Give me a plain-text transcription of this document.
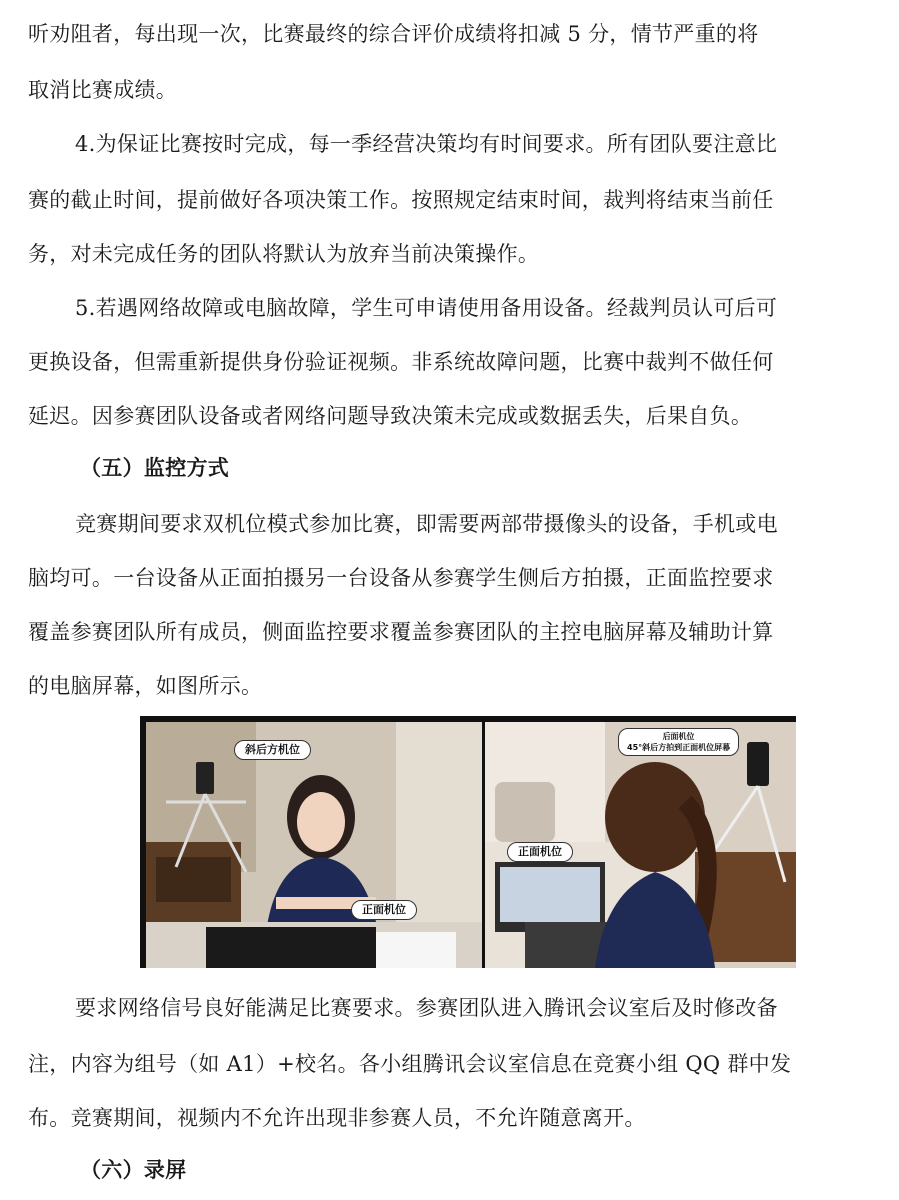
听劝阻者，每出现一次，比赛最终的综合评价成绩将扣减 5 分，情节严重的将
取消比赛成绩。
4.为保证比赛按时完成，每一季经营决策均有时间要求。所有团队要注意比
赛的截止时间，提前做好各项决策工作。按照规定结束时间，裁判将结束当前任
务，对未完成任务的团队将默认为放弃当前决策操作。
5.若遇网络故障或电脑故障，学生可申请使用备用设备。经裁判员认可后可
更换设备，但需重新提供身份验证视频。非系统故障问题，比赛中裁判不做任何
延迟。因参赛团队设备或者网络问题导致决策未完成或数据丢失，后果自负。
（五）监控方式
竞赛期间要求双机位模式参加比赛，即需要两部带摄像头的设备，手机或电
脑均可。一台设备从正面拍摄另一台设备从参赛学生侧后方拍摄，正面监控要求
覆盖参赛团队所有成员，侧面监控要求覆盖参赛团队的主控电脑屏幕及辅助计算
的电脑屏幕，如图所示。
斜后方机位
正面机位
后面机位
45°斜后方拍到正面机位屏幕
正面机位
要求网络信号良好能满足比赛要求。参赛团队进入腾讯会议室后及时修改备
注，内容为组号（如 A1）+校名。各小组腾讯会议室信息在竞赛小组 QQ 群中发
布。竞赛期间，视频内不允许出现非参赛人员，不允许随意离开。
（六）录屏
